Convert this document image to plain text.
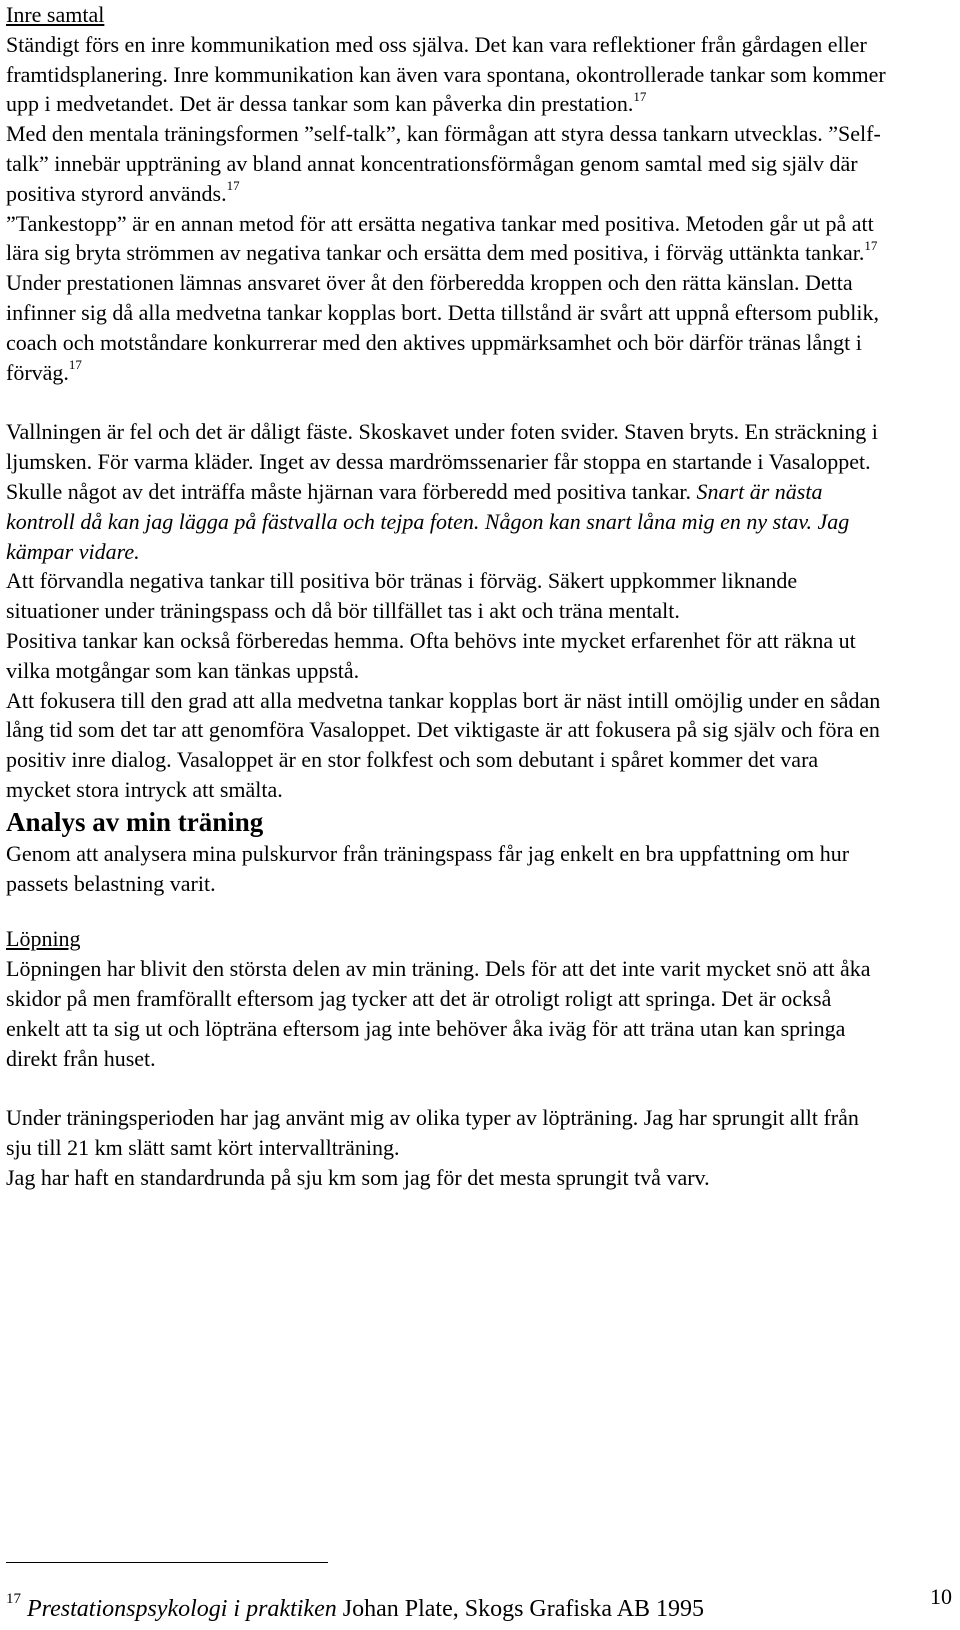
Inre samtal

Ständigt förs en inre kommunikation med oss själva. Det kan vara reflektioner från gårdagen eller framtidsplanering. Inre kommunikation kan även vara spontana, okontrollerade tankar som kommer upp i medvetandet. Det är dessa tankar som kan påverka din prestation.$^{17}$

Med den mentala träningsformen ”self-talk”, kan förmågan att styra dessa tankarn utvecklas. ”Self-talk” innebär uppträning av bland annat koncentrationsförmågan genom samtal med sig själv där positiva styrord används.$^{17}$

”Tankestopp” är en annan metod för att ersätta negativa tankar med positiva. Metoden går ut på att lära sig bryta strömmen av negativa tankar och ersätta dem med positiva, i förväg uttänkta tankar.$^{17}$

Under prestationen lämnas ansvaret över åt den förberedda kroppen och den rätta känslan. Detta infinner sig då alla medvetna tankar kopplas bort. Detta tillstånd är svårt att uppnå eftersom publik, coach och motståndare konkurrerar med den aktives uppmärksamhet och bör därför tränas långt i förväg.$^{17}$

Vallningen är fel och det är dåligt fäste. Skoskavet under foten svider. Staven bryts. En sträckning i ljumsken. För varma kläder. Inget av dessa mardrömssenarier får stoppa en startande i Vasaloppet. Skulle något av det inträffa måste hjärnan vara förberedd med positiva tankar. Snart är nästa kontroll då kan jag lägga på fästvalla och tejpa foten. Någon kan snart låna mig en ny stav. Jag kämpar vidare.

Att förvandla negativa tankar till positiva bör tränas i förväg. Säkert uppkommer liknande situationer under träningspass och då bör tillfället tas i akt och träna mentalt.

Positiva tankar kan också förberedas hemma. Ofta behövs inte mycket erfarenhet för att räkna ut vilka motgångar som kan tänkas uppstå.

Att fokusera till den grad att alla medvetna tankar kopplas bort är näst intill omöjlig under en sådan lång tid som det tar att genomföra Vasaloppet. Det viktigaste är att fokusera på sig själv och föra en positiv inre dialog. Vasaloppet är en stor folkfest och som debutant i spåret kommer det vara mycket stora intryck att smälta.

Analys av min träning

Genom att analysera mina pulskurvor från träningspass får jag enkelt en bra uppfattning om hur passets belastning varit.

Löpning

Löpningen har blivit den största delen av min träning. Dels för att det inte varit mycket snö att åka skidor på men framförallt eftersom jag tycker att det är otroligt roligt att springa. Det är också enkelt att ta sig ut och löpträna eftersom jag inte behöver åka iväg för att träna utan kan springa direkt från huset.

Under träningsperioden har jag använt mig av olika typer av löpträning. Jag har sprungit allt från sju till 21 km slätt samt kört intervallträning.

Jag har haft en standardrunda på sju km som jag för det mesta sprungit två varv.

$^{17}$ Prestationspsykologi i praktiken Johan Plate, Skogs Grafiska AB 1995	10
